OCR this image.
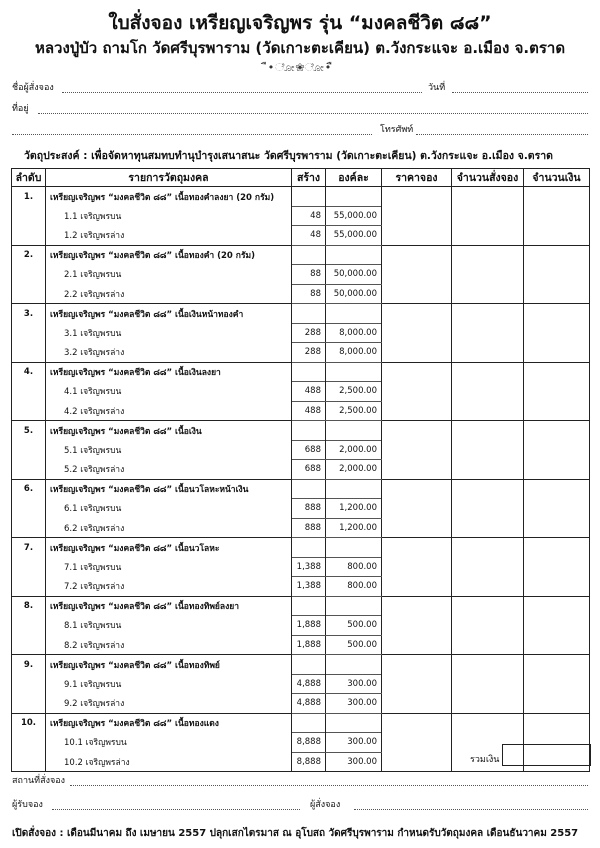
ใบสั่งจอง เหรียญเจริญพร รุ่น “มงคลชีวิต ๘๘”
หลวงปู่บัว ถามโก วัดศรีบุรพาราม (วัดเกาะตะเคียน) ต.วังกระแจะ อ.เมือง จ.ตราด
ื•ೋ❀ೋ•ื
ชื่อผู้สั่งจอง	วันที่
ที่อยู่
โทรศัพท์
วัตถุประสงค์ : เพื่อจัดหาทุนสมทบทำนุบำรุงเสนาสนะ วัดศรีบุรพาราม (วัดเกาะตะเคียน) ต.วังกระแจะ อ.เมือง จ.ตราด
ลำดับ	รายการวัตถุมงคล	สร้าง	องค์ละ	ราคาจอง	จำนวนสั่งจอง	จำนวนเงิน
1.	เหรียญเจริญพร “มงคลชีวิต ๘๘” เนื้อทองคำลงยา (20 กรัม)					
	1.1 เจริญพรบน	48	55,000.00			
	1.2 เจริญพรล่าง	48	55,000.00			
2.	เหรียญเจริญพร “มงคลชีวิต ๘๘” เนื้อทองคำ (20 กรัม)					
	2.1 เจริญพรบน	88	50,000.00			
	2.2 เจริญพรล่าง	88	50,000.00			
3.	เหรียญเจริญพร “มงคลชีวิต ๘๘” เนื้อเงินหน้าทองคำ					
	3.1 เจริญพรบน	288	8,000.00			
	3.2 เจริญพรล่าง	288	8,000.00			
4.	เหรียญเจริญพร “มงคลชีวิต ๘๘” เนื้อเงินลงยา					
	4.1 เจริญพรบน	488	2,500.00			
	4.2 เจริญพรล่าง	488	2,500.00			
5.	เหรียญเจริญพร “มงคลชีวิต ๘๘” เนื้อเงิน					
	5.1 เจริญพรบน	688	2,000.00			
	5.2 เจริญพรล่าง	688	2,000.00			
6.	เหรียญเจริญพร “มงคลชีวิต ๘๘” เนื้อนวโลหะหน้าเงิน					
	6.1 เจริญพรบน	888	1,200.00			
	6.2 เจริญพรล่าง	888	1,200.00			
7.	เหรียญเจริญพร “มงคลชีวิต ๘๘” เนื้อนวโลหะ					
	7.1 เจริญพรบน	1,388	800.00			
	7.2 เจริญพรล่าง	1,388	800.00			
8.	เหรียญเจริญพร “มงคลชีวิต ๘๘” เนื้อทองทิพย์ลงยา					
	8.1 เจริญพรบน	1,888	500.00			
	8.2 เจริญพรล่าง	1,888	500.00			
9.	เหรียญเจริญพร “มงคลชีวิต ๘๘” เนื้อทองทิพย์					
	9.1 เจริญพรบน	4,888	300.00			
	9.2 เจริญพรล่าง	4,888	300.00			
10.	เหรียญเจริญพร “มงคลชีวิต ๘๘” เนื้อทองแดง					
	10.1 เจริญพรบน	8,888	300.00			
	10.2 เจริญพรล่าง	8,888	300.00				รวมเงิน
สถานที่สั่งจอง
ผู้รับจอง	ผู้สั่งจอง
เปิดสั่งจอง : เดือนมีนาคม ถึง เมษายน 2557 ปลุกเสกไตรมาส ณ อุโบสถ วัดศรีบุรพาราม กำหนดรับวัตถุมงคล เดือนธันวาคม 2557
